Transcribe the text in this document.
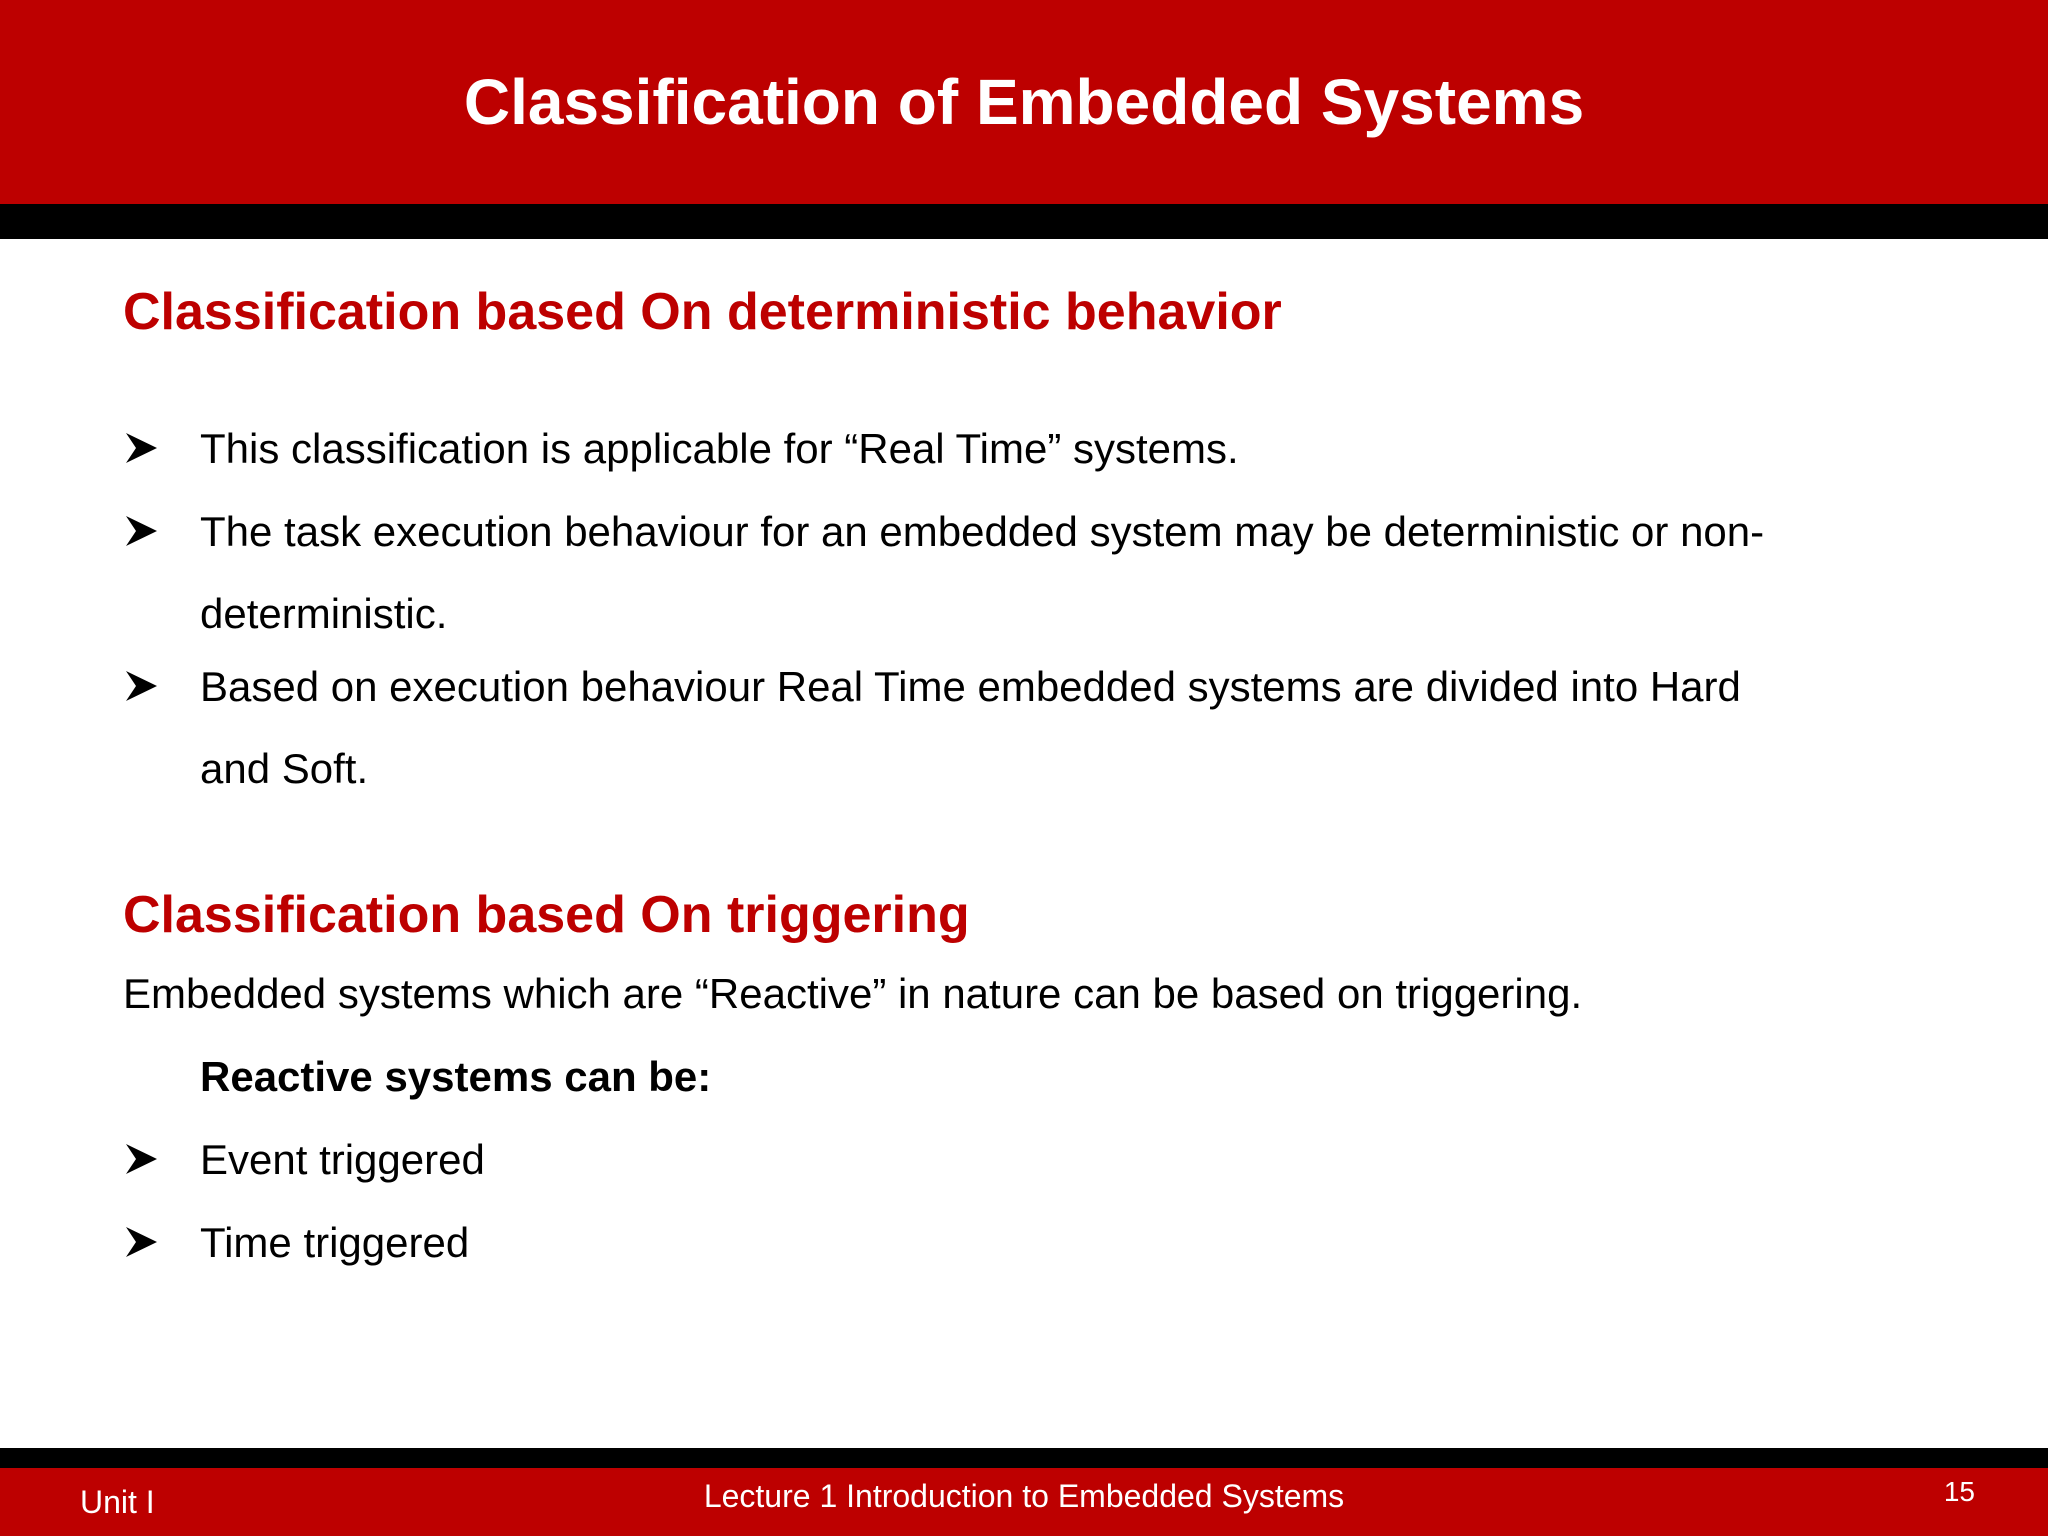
Classification of Embedded Systems
Classification based On deterministic behavior
This classification is applicable for “Real Time” systems.
The task execution behaviour for an embedded system may be deterministic or non-
deterministic.
Based on execution behaviour Real Time embedded systems are divided into Hard
and Soft.
Classification based On triggering
Embedded systems which are “Reactive” in nature can be based on triggering.
Reactive systems can be:
Event triggered
Time triggered
Unit I	Lecture 1 Introduction to Embedded Systems	15
